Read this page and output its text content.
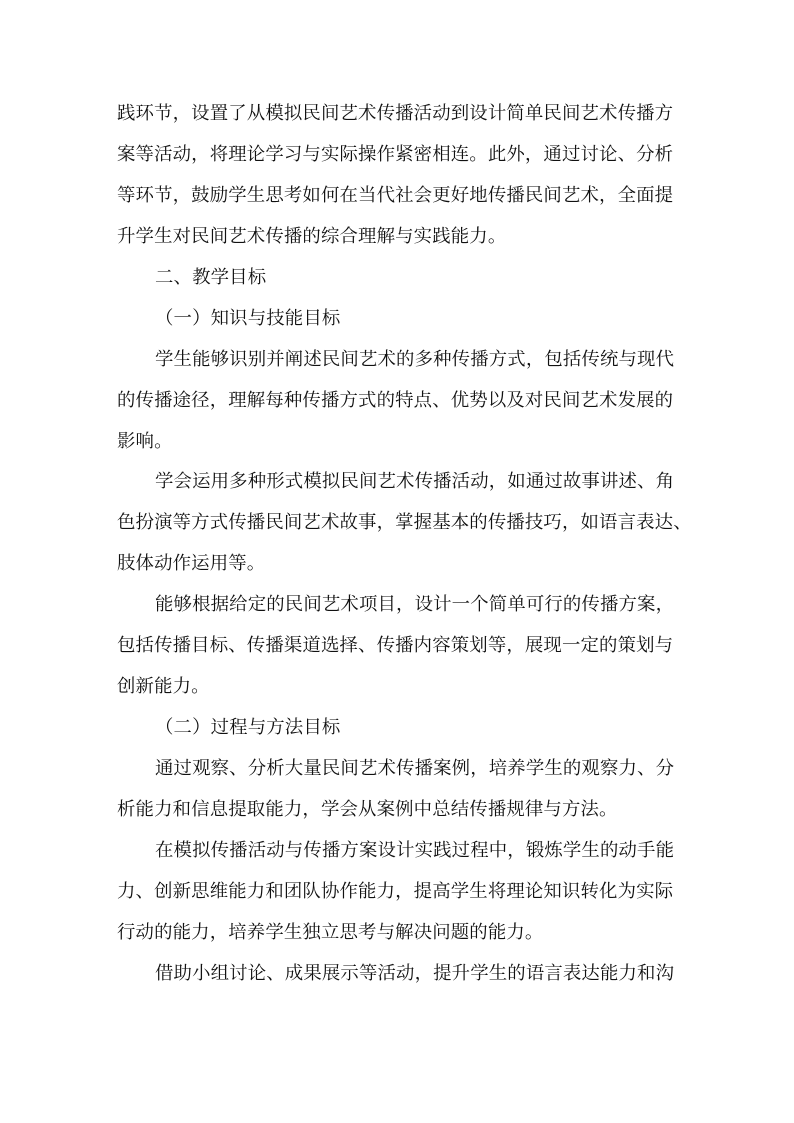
践环节，设置了从模拟民间艺术传播活动到设计简单民间艺术传播方
案等活动，将理论学习与实际操作紧密相连。此外，通过讨论、分析
等环节，鼓励学生思考如何在当代社会更好地传播民间艺术，全面提
升学生对民间艺术传播的综合理解与实践能力。
二、教学目标
（一）知识与技能目标
学生能够识别并阐述民间艺术的多种传播方式，包括传统与现代
的传播途径，理解每种传播方式的特点、优势以及对民间艺术发展的
影响。
学会运用多种形式模拟民间艺术传播活动，如通过故事讲述、角
色扮演等方式传播民间艺术故事，掌握基本的传播技巧，如语言表达、
肢体动作运用等。
能够根据给定的民间艺术项目，设计一个简单可行的传播方案，
包括传播目标、传播渠道选择、传播内容策划等，展现一定的策划与
创新能力。
（二）过程与方法目标
通过观察、分析大量民间艺术传播案例，培养学生的观察力、分
析能力和信息提取能力，学会从案例中总结传播规律与方法。
在模拟传播活动与传播方案设计实践过程中，锻炼学生的动手能
力、创新思维能力和团队协作能力，提高学生将理论知识转化为实际
行动的能力，培养学生独立思考与解决问题的能力。
借助小组讨论、成果展示等活动，提升学生的语言表达能力和沟
